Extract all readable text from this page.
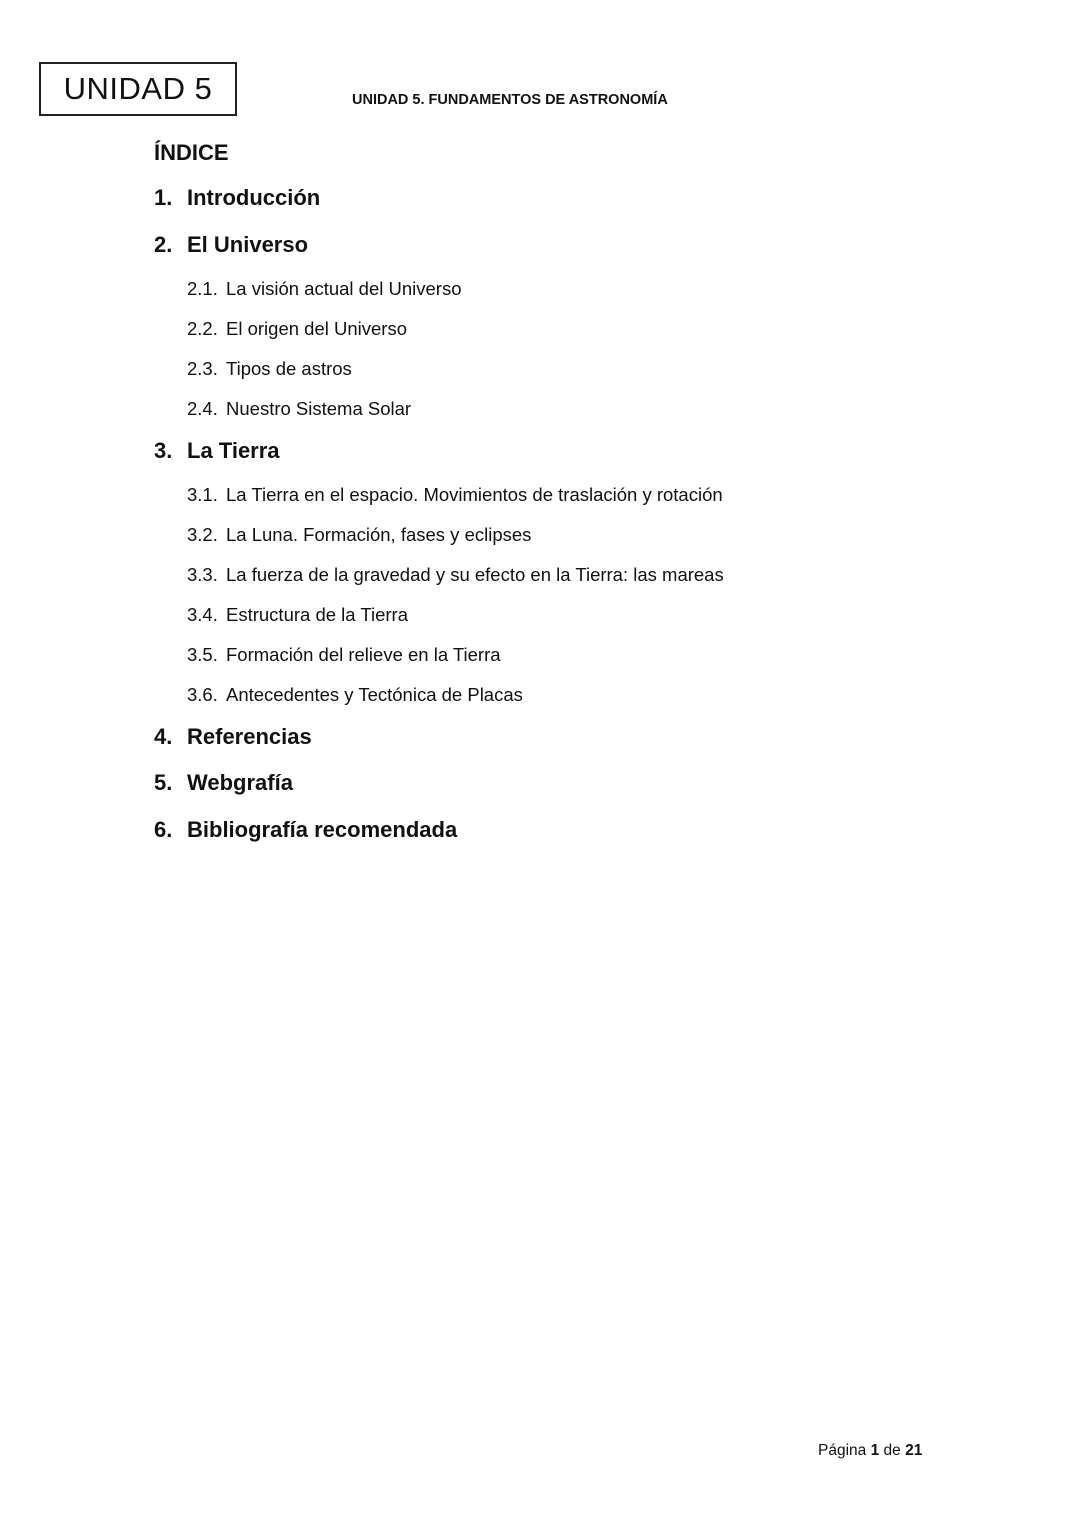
UNIDAD 5	UNIDAD 5. FUNDAMENTOS DE ASTRONOMÍA
ÍNDICE
1. Introducción
2. El Universo
2.1. La visión actual del Universo
2.2. El origen del Universo
2.3. Tipos de astros
2.4. Nuestro Sistema Solar
3. La Tierra
3.1. La Tierra en el espacio. Movimientos de traslación y rotación
3.2. La Luna. Formación, fases y eclipses
3.3. La fuerza de la gravedad y su efecto en la Tierra: las mareas
3.4. Estructura de la Tierra
3.5. Formación del relieve en la Tierra
3.6. Antecedentes y Tectónica de Placas
4. Referencias
5. Webgrafía
6. Bibliografía recomendada
Página 1 de 21
